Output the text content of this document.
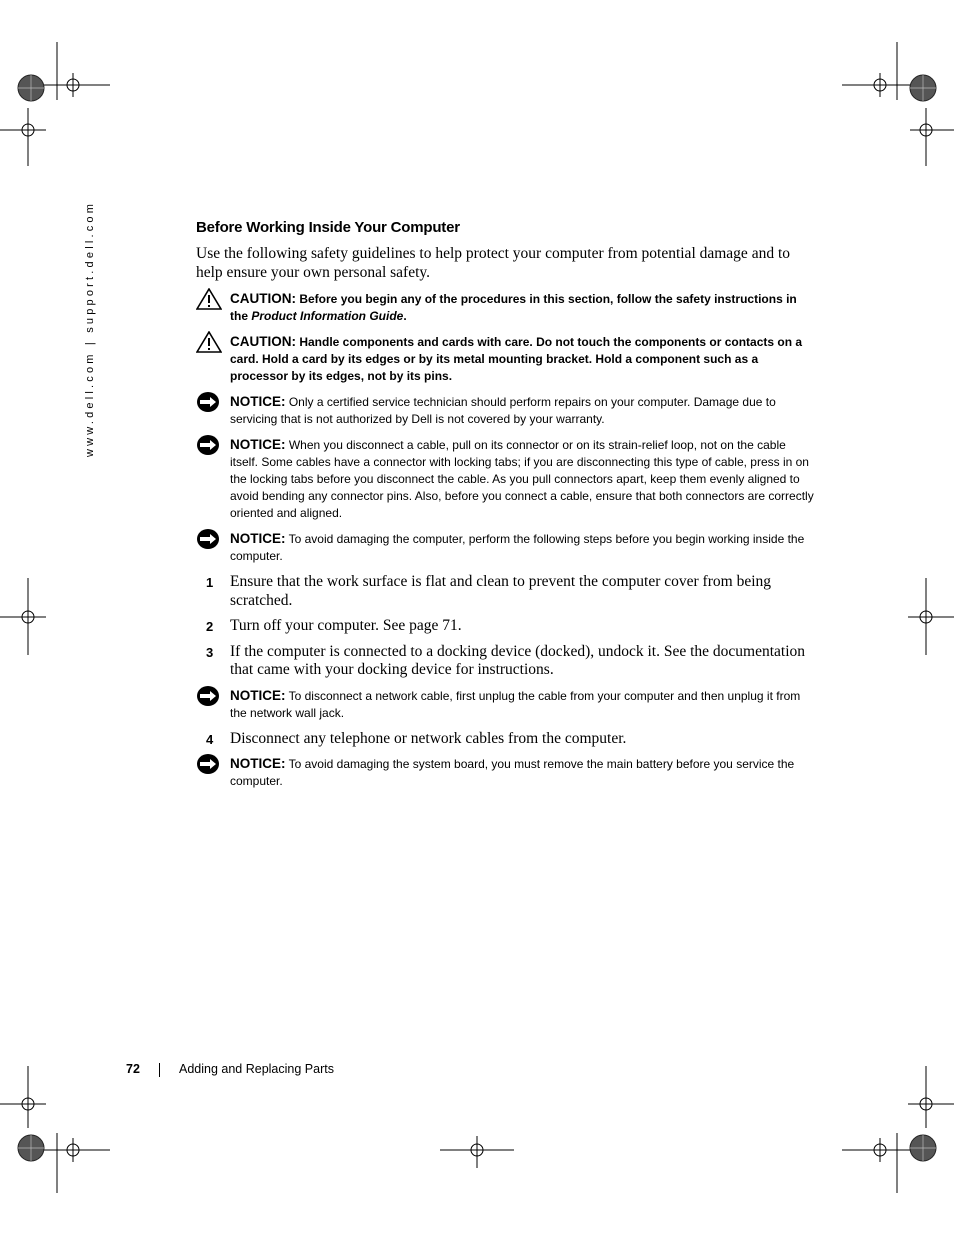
www.dell.com | support.dell.com	Before Working Inside Your Computer

Use the following safety guidelines to help protect your computer from potential damage and to help ensure your own personal safety.

CAUTION: Before you begin any of the procedures in this section, follow the safety instructions in the Product Information Guide.
CAUTION: Handle components and cards with care. Do not touch the components or contacts on a card. Hold a card by its edges or by its metal mounting bracket. Hold a component such as a processor by its edges, not by its pins.
NOTICE: Only a certified service technician should perform repairs on your computer. Damage due to servicing that is not authorized by Dell is not covered by your warranty.
NOTICE: When you disconnect a cable, pull on its connector or on its strain-relief loop, not on the cable itself. Some cables have a connector with locking tabs; if you are disconnecting this type of cable, press in on the locking tabs before you disconnect the cable. As you pull connectors apart, keep them evenly aligned to avoid bending any connector pins. Also, before you connect a cable, ensure that both connectors are correctly oriented and aligned.
NOTICE: To avoid damaging the computer, perform the following steps before you begin working inside the computer.
1 Ensure that the work surface is flat and clean to prevent the computer cover from being scratched.
2 Turn off your computer. See page 71.
3 If the computer is connected to a docking device (docked), undock it. See the documentation that came with your docking device for instructions.
NOTICE: To disconnect a network cable, first unplug the cable from your computer and then unplug it from the network wall jack.
4 Disconnect any telephone or network cables from the computer.
NOTICE: To avoid damaging the system board, you must remove the main battery before you service the computer.
72	Adding and Replacing Parts
